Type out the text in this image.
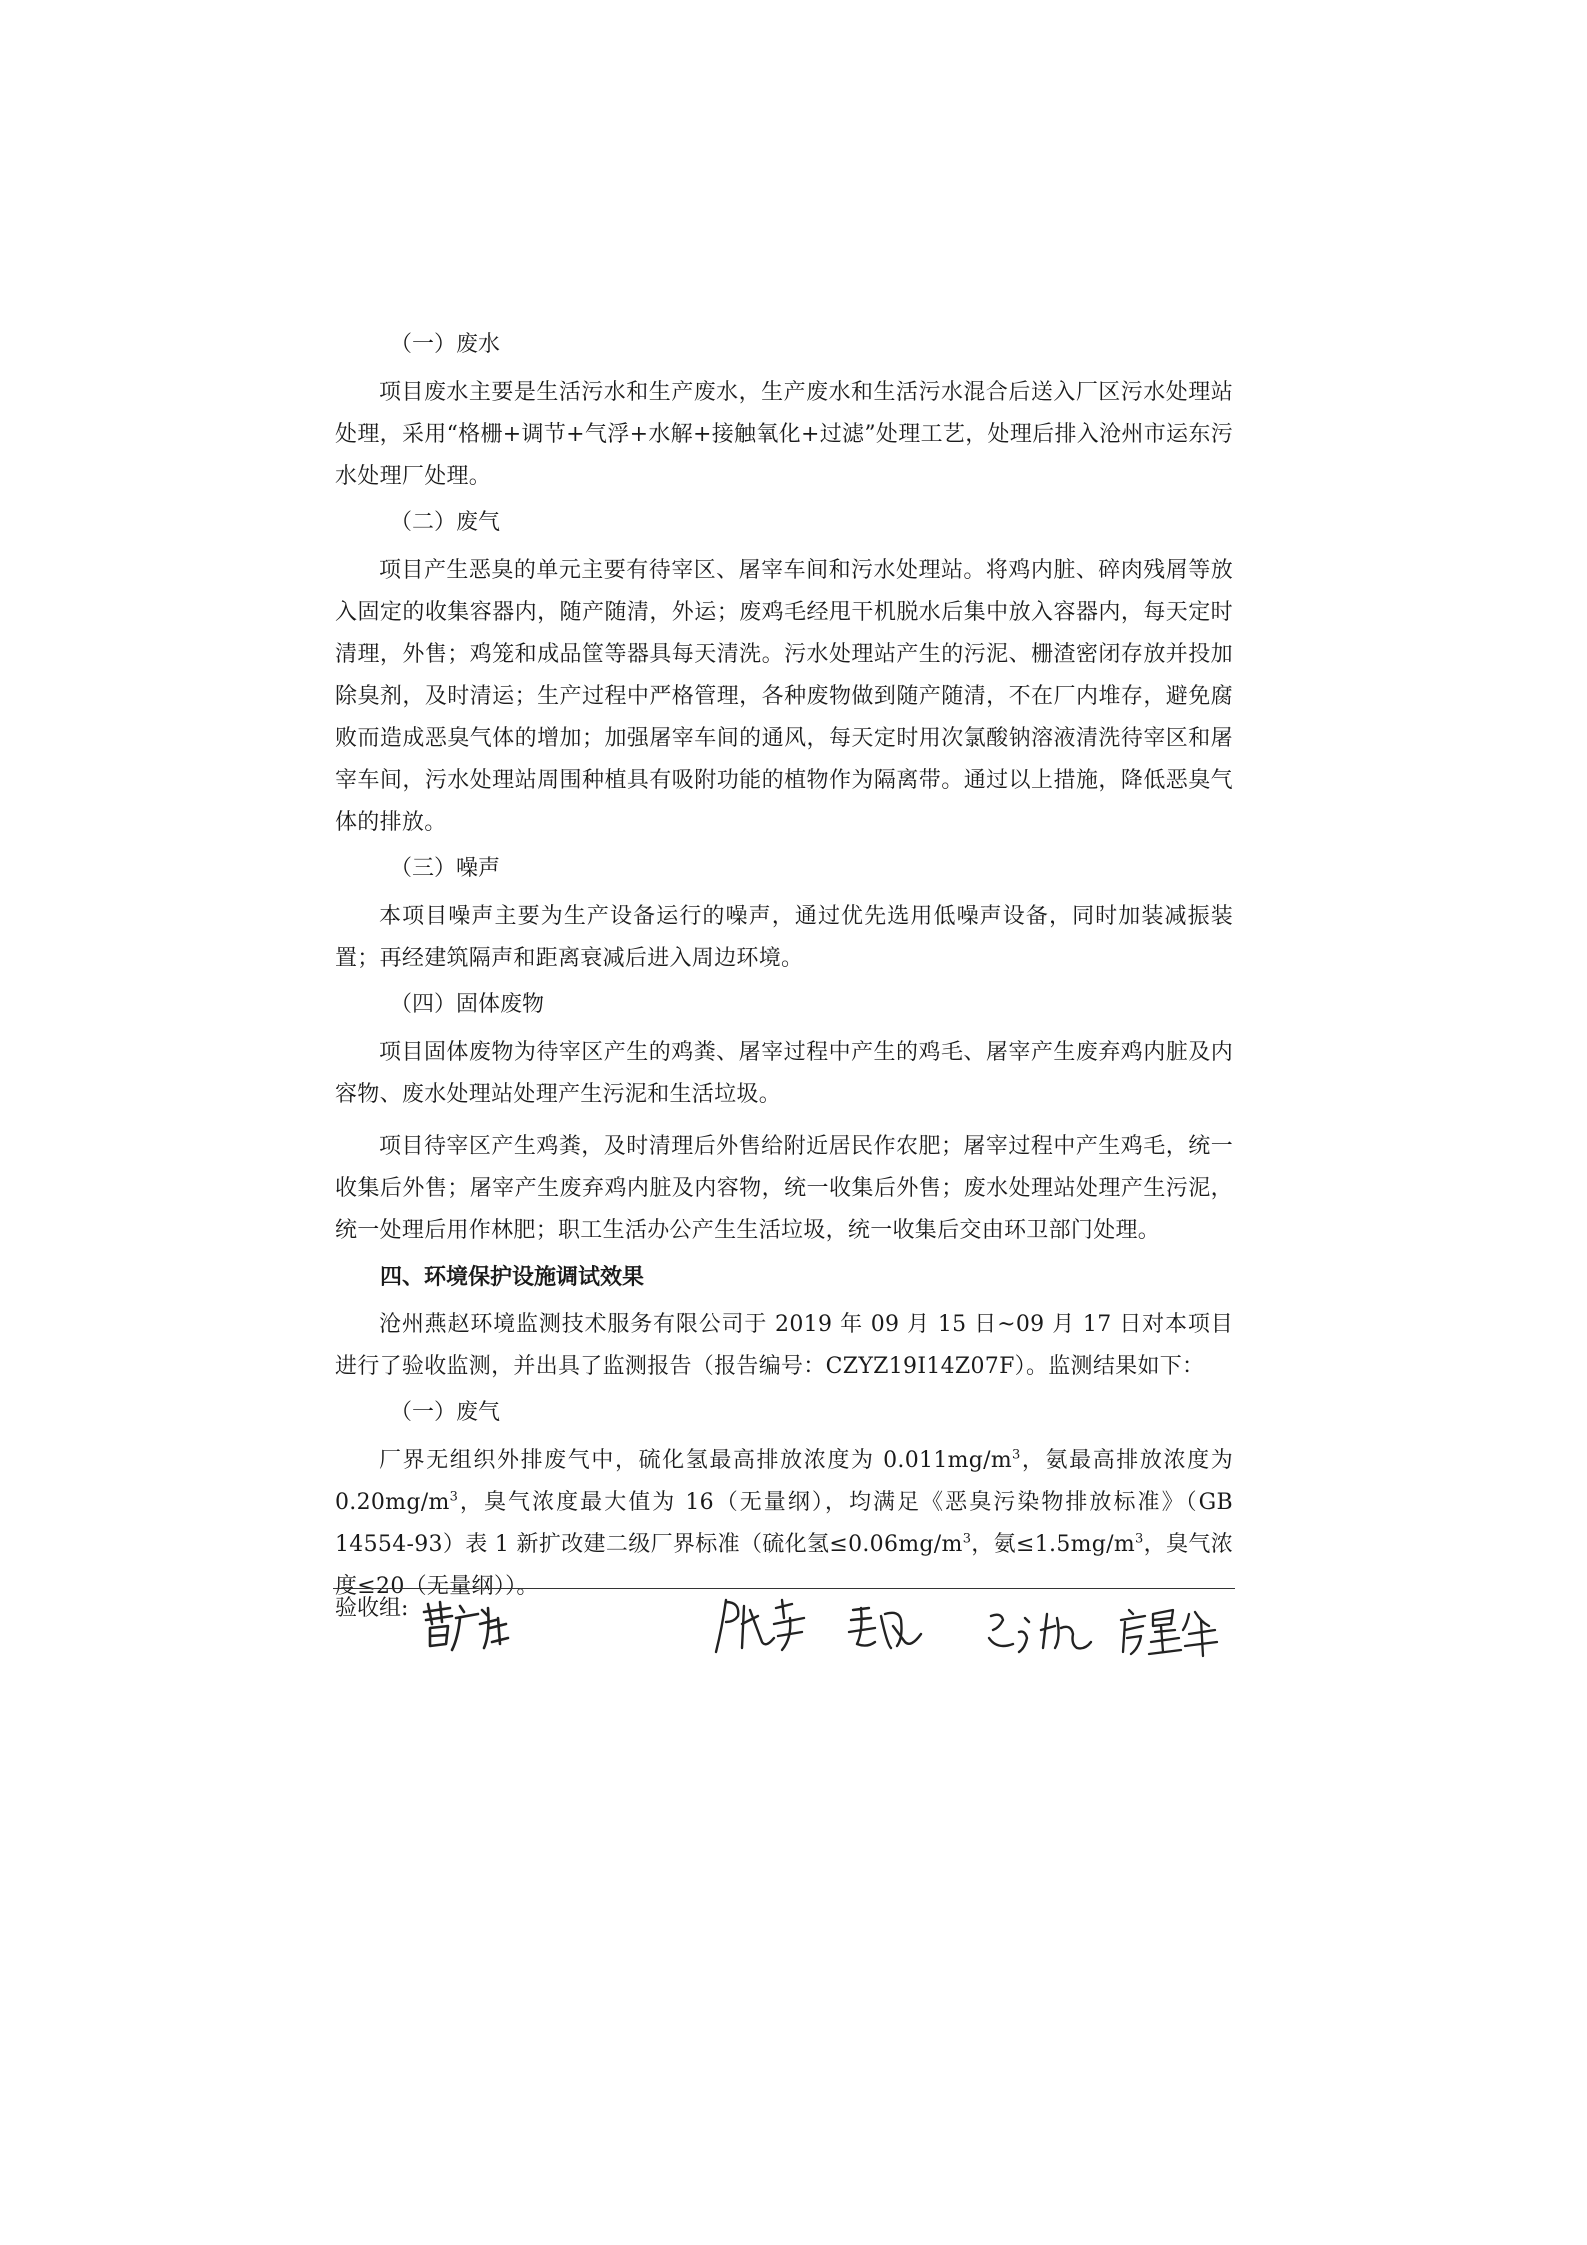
（一）废水

项目废水主要是生活污水和生产废水，生产废水和生活污水混合后送入厂区污水处理站处理，采用“格栅+调节+气浮+水解+接触氧化+过滤”处理工艺，处理后排入沧州市运东污水处理厂处理。

（二）废气

项目产生恶臭的单元主要有待宰区、屠宰车间和污水处理站。将鸡内脏、碎肉残屑等放入固定的收集容器内，随产随清，外运；废鸡毛经甩干机脱水后集中放入容器内，每天定时清理，外售；鸡笼和成品筐等器具每天清洗。污水处理站产生的污泥、栅渣密闭存放并投加除臭剂，及时清运；生产过程中严格管理，各种废物做到随产随清，不在厂内堆存，避免腐败而造成恶臭气体的增加；加强屠宰车间的通风，每天定时用次氯酸钠溶液清洗待宰区和屠宰车间，污水处理站周围种植具有吸附功能的植物作为隔离带。通过以上措施，降低恶臭气体的排放。

（三）噪声

本项目噪声主要为生产设备运行的噪声，通过优先选用低噪声设备，同时加装减振装置；再经建筑隔声和距离衰减后进入周边环境。

（四）固体废物

项目固体废物为待宰区产生的鸡粪、屠宰过程中产生的鸡毛、屠宰产生废弃鸡内脏及内容物、废水处理站处理产生污泥和生活垃圾。

项目待宰区产生鸡粪，及时清理后外售给附近居民作农肥；屠宰过程中产生鸡毛，统一收集后外售；屠宰产生废弃鸡内脏及内容物，统一收集后外售；废水处理站处理产生污泥，统一处理后用作林肥；职工生活办公产生生活垃圾，统一收集后交由环卫部门处理。

四、环境保护设施调试效果

沧州燕赵环境监测技术服务有限公司于 2019 年 09 月 15 日~09 月 17 日对本项目进行了验收监测，并出具了监测报告（报告编号：CZYZ19I14Z07F）。监测结果如下：

（一）废气

厂界无组织外排废气中，硫化氢最高排放浓度为 $0.011mg/m^3$，氨最高排放浓度为 $0.20mg/m^3$，臭气浓度最大值为 16（无量纲），均满足《恶臭污染物排放标准》（GB 14554-93）表 1 新扩改建二级厂界标准（硫化氢$\le 0.06mg/m^3$，氨$\le 1.5mg/m^3$，臭气浓度≤20（无量纲））。

验收组:
